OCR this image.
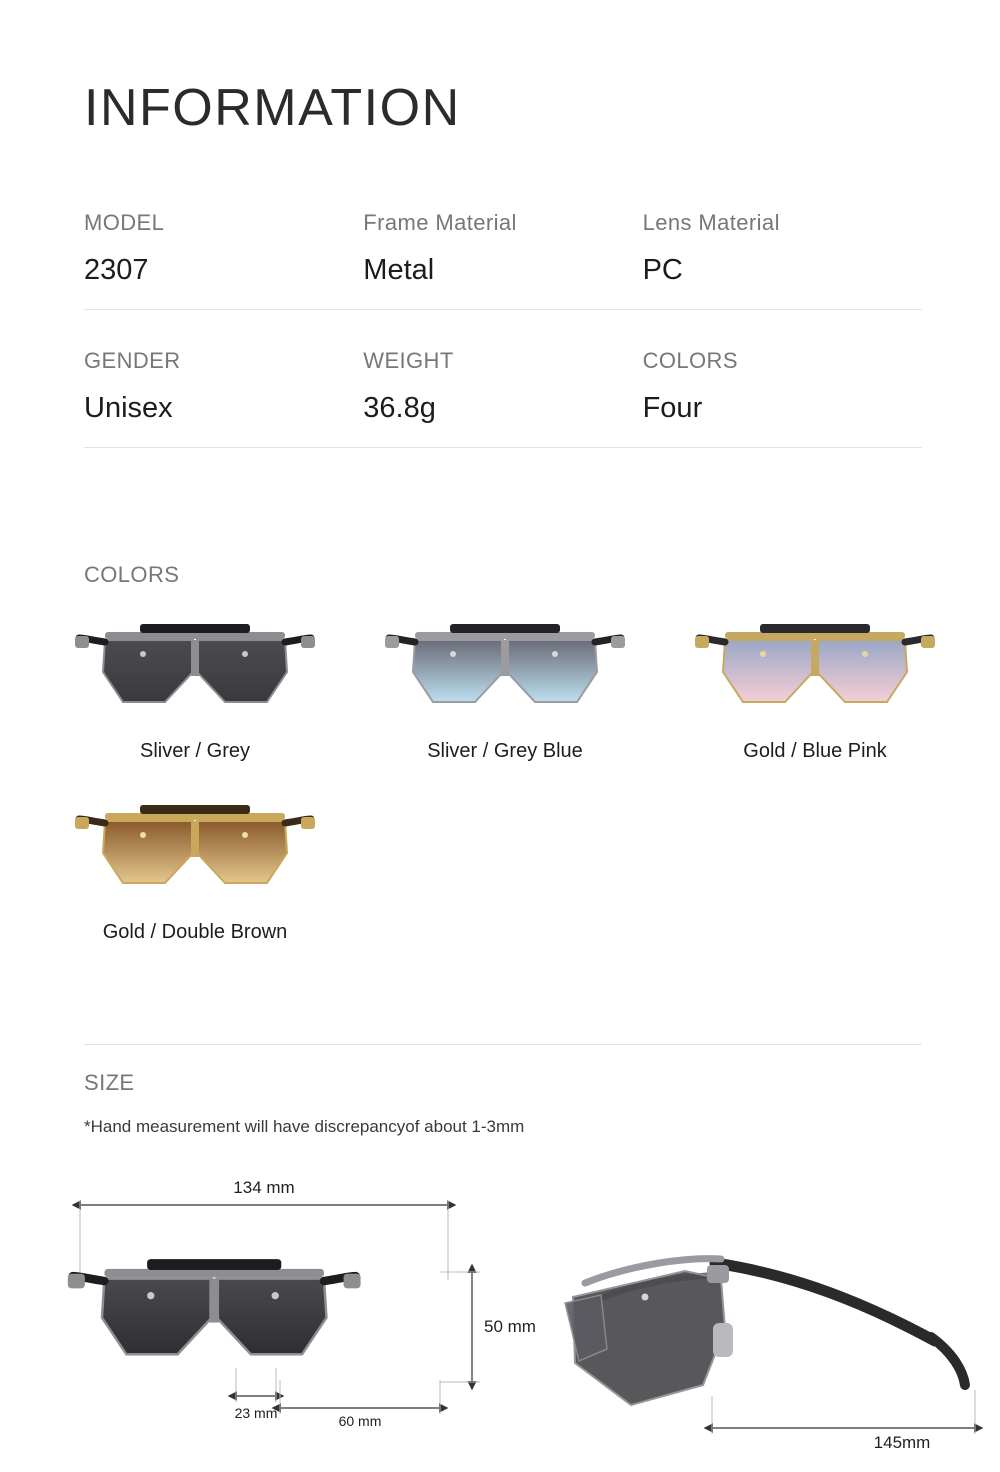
INFORMATION
MODEL
2307
Frame Material
Metal
Lens Material
PC
GENDER
Unisex
WEIGHT
36.8g
COLORS
Four
COLORS
Sliver / Grey	Sliver / Grey Blue	Gold / Blue Pink
Gold / Double Brown
SIZE
*Hand measurement will have discrepancyof about 1-3mm
134 mm
50 mm
23 mm	60 mm
145mm
